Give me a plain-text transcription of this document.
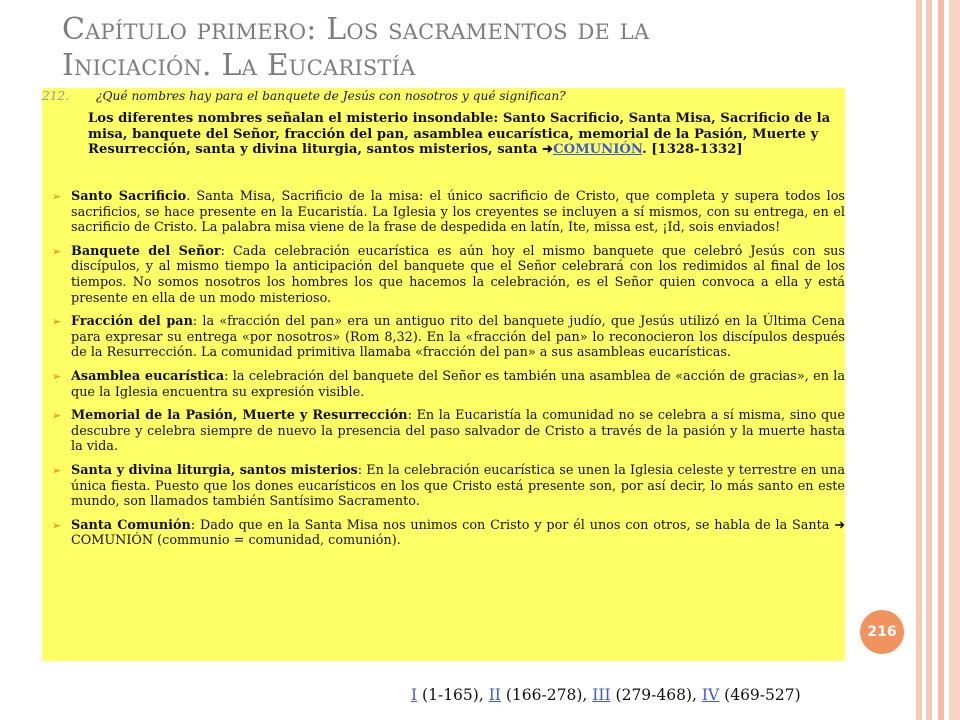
Capítulo primero: Los sacramentos de la
Iniciación. La Eucaristía
212. ¿Qué nombres hay para el banquete de Jesús con nosotros y qué significan?
Los diferentes nombres señalan el misterio insondable: Santo Sacrificio, Santa Misa, Sacrificio de la misa, banquete del Señor, fracción del pan, asamblea eucarística, memorial de la Pasión, Muerte y Resurrección, santa y divina liturgia, santos misterios, santa ➜COMUNIÓN. [1328-1332]
➢ Santo Sacrificio. Santa Misa, Sacrificio de la misa: el único sacrificio de Cristo, que completa y supera todos los sacrificios, se hace presente en la Eucaristía. La Iglesia y los creyentes se incluyen a sí mismos, con su entrega, en el sacrificio de Cristo. La palabra misa viene de la frase de despedida en latín, Ite, missa est, ¡Id, sois enviados!
➢ Banquete del Señor: Cada celebración eucarística es aún hoy el mismo banquete que celebró Jesús con sus discípulos, y al mismo tiempo la anticipación del banquete que el Señor celebrará con los redimidos al final de los tiempos. No somos nosotros los hombres los que hacemos la celebración, es el Señor quien convoca a ella y está presente en ella de un modo misterioso.
➢ Fracción del pan: la «fracción del pan» era un antiguo rito del banquete judío, que Jesús utilizó en la Última Cena para expresar su entrega «por nosotros» (Rom 8,32). En la «fracción del pan» lo reconocieron los discípulos después de la Resurrección. La comunidad primitiva llamaba «fracción del pan» a sus asambleas eucarísticas.
➢ Asamblea eucarística: la celebración del banquete del Señor es también una asamblea de «acción de gracias», en la que la Iglesia encuentra su expresión visible.
➢ Memorial de la Pasión, Muerte y Resurrección: En la Eucaristía la comunidad no se celebra a sí misma, sino que descubre y celebra siempre de nuevo la presencia del paso salvador de Cristo a través de la pasión y la muerte hasta la vida.
➢ Santa y divina liturgia, santos misterios: En la celebración eucarística se unen la Iglesia celeste y terrestre en una única fiesta. Puesto que los dones eucarísticos en los que Cristo está presente son, por así decir, lo más santo en este mundo, son llamados también Santísimo Sacramento.
➢ Santa Comunión: Dado que en la Santa Misa nos unimos con Cristo y por él unos con otros, se habla de la Santa ➜ COMUNIÓN (communio = comunidad, comunión).
216
I (1-165), II (166-278), III (279-468), IV (469-527)
